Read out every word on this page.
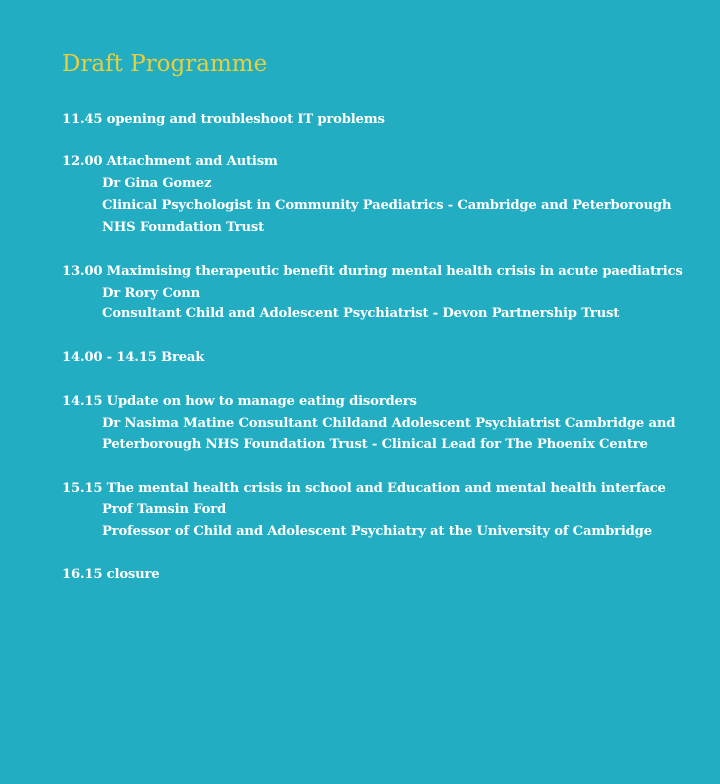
Draft Programme

11.45 opening and troubleshoot IT problems

12.00 Attachment and Autism

Dr Gina Gomez

Clinical Psychologist in Community Paediatrics - Cambridge and Peterborough

NHS Foundation Trust

13.00 Maximising therapeutic benefit during mental health crisis in acute paediatrics

Dr Rory Conn

Consultant Child and Adolescent Psychiatrist - Devon Partnership Trust

14.00 - 14.15 Break

14.15 Update on how to manage eating disorders

Dr Nasima Matine Consultant Childand Adolescent Psychiatrist Cambridge and

Peterborough NHS Foundation Trust - Clinical Lead for The Phoenix Centre

15.15 The mental health crisis in school and Education and mental health interface

Prof Tamsin Ford

Professor of Child and Adolescent Psychiatry at the University of Cambridge

16.15 closure
